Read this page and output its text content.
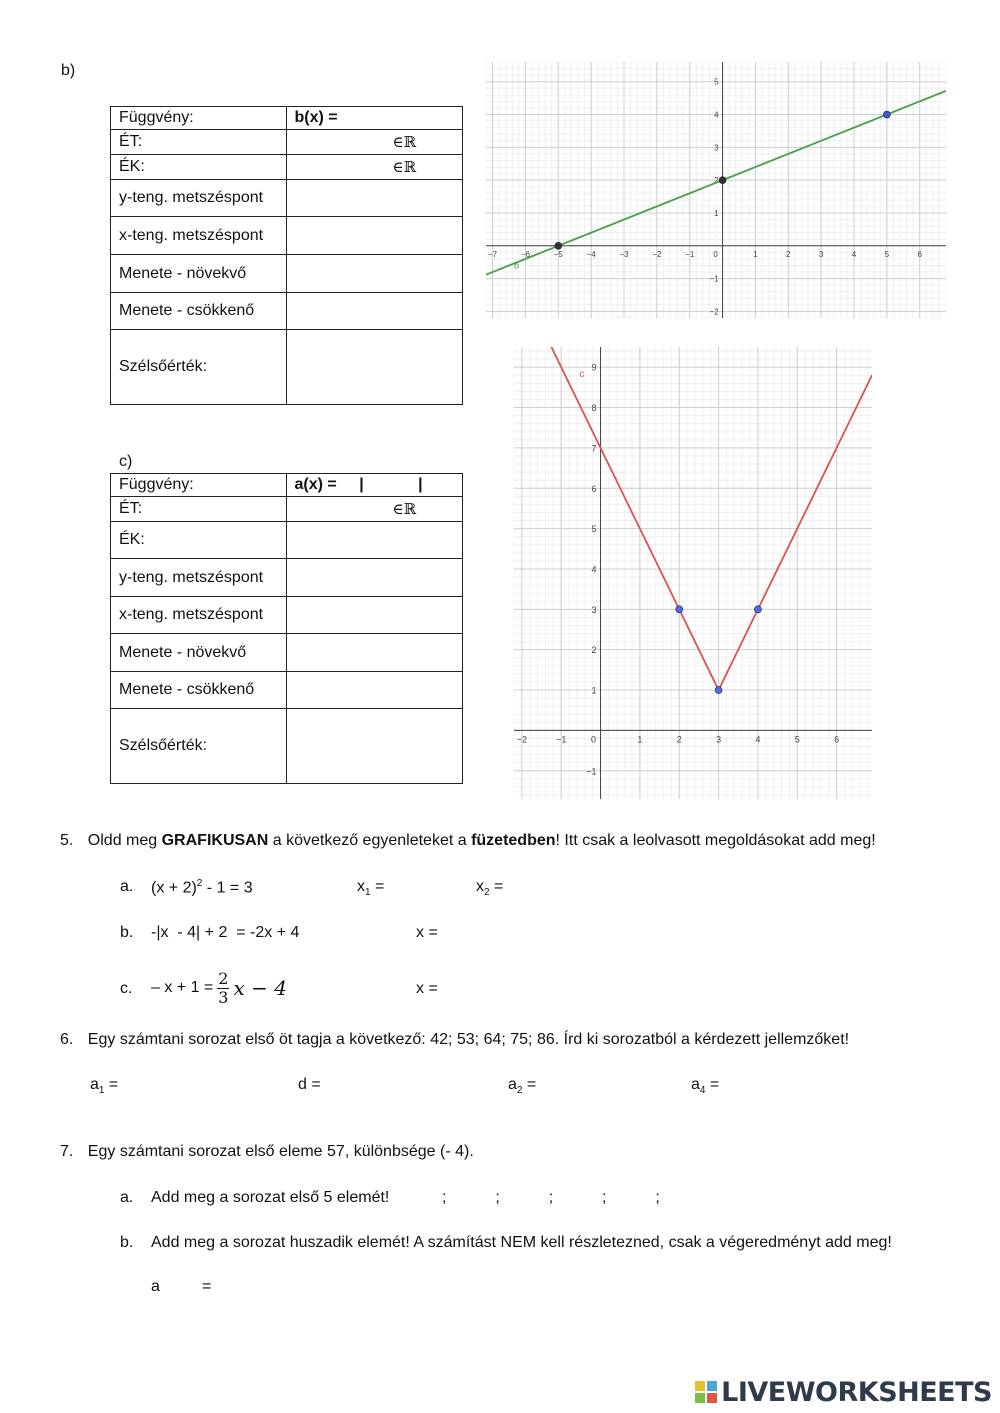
b)
Függvény:	b(x) =
ÉT:	∈ℝ
ÉK:	∈ℝ
y-teng. metszéspont	
x-teng. metszéspont	
Menete - növekvő	
Menete - csökkenő	
Szélsőérték:	
c)
Függvény:	a(x) = | |
ÉT:	∈ℝ
ÉK:	
y-teng. metszéspont	
x-teng. metszéspont	
Menete - növekvő	
Menete - csökkenő	
Szélsőérték:	
−7	−6	−5	−4	−3	−2	−1 0	1	2	3	4	5	6
−2
−1
1
2
3
4
5
b
−2	−1	0	1	2	3	4	5	6
−1
1
2
3
4
5
6
7
8
9
c
5. Oldd meg GRAFIKUSAN a következő egyenleteket a füzetedben! Itt csak a leolvasott megoldásokat add meg!
a. $(x + 2)^2 - 1 = 3$	$x_1$ =	$x_2$ =
b. -|x  - 4| + 2  = -2x + 4	x =
c. – $x + 1 = \frac{2}{3}$ x − 4	x =
6. Egy számtani sorozat első öt tagja a következő: 42; 53; 64; 75; 86. Írd ki sorozatból a kérdezett jellemzőket!
$a_1$ =	d =	$a_2$ =	$a_4$ =
7. Egy számtani sorozat első eleme 57, különbsége (- 4).
a. Add meg a sorozat első 5 elemét!	;           ;           ;           ;           ;
b. Add meg a sorozat huszadik elemét! A számítást NEM kell részletezned, csak a végeredményt add meg!
a	=
LIVEWORKSHEETS
